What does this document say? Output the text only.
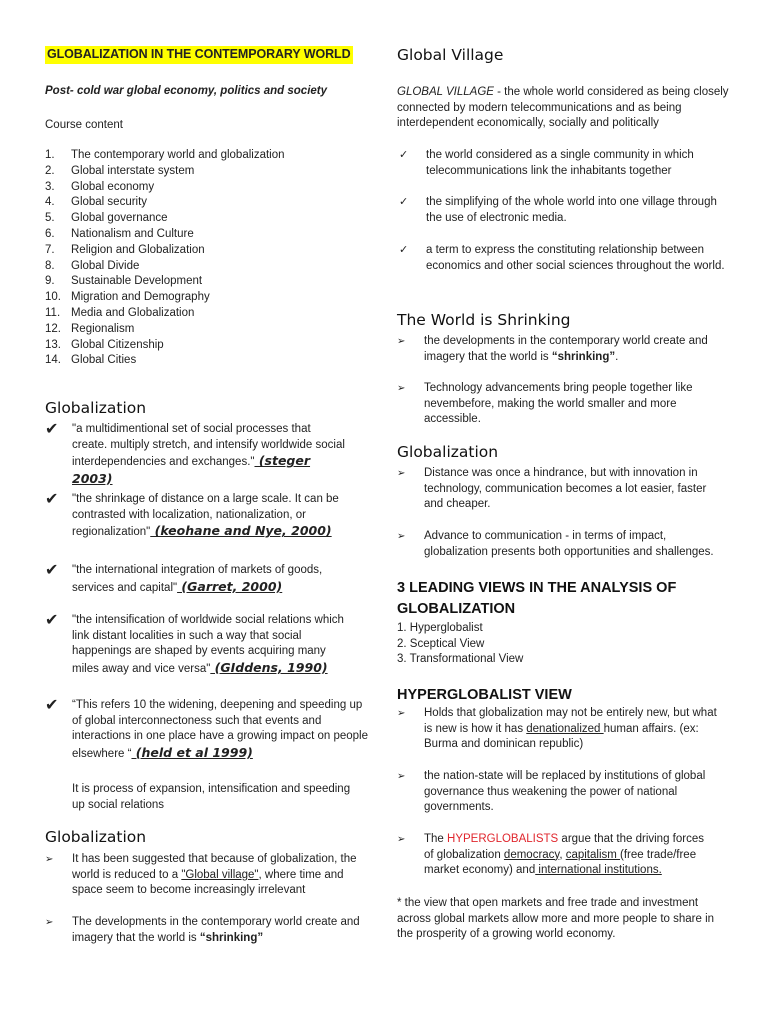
GLOBALIZATION IN THE CONTEMPORARY WORLD
Post- cold war global economy, politics and society
Course content
1.	The contemporary world and globalization
2.	Global interstate system
3.	Global economy
4.	Global security
5.	Global governance
6.	Nationalism and Culture
7.	Religion and Globalization
8.	Global Divide
9.	Sustainable Development
10. Migration and Demography
11. Media and Globalization
12. Regionalism
13. Global Citizenship
14. Global Cities
Globalization
✔	"a multidimentional set of social processes that create. multiply stretch, and intensify worldwide social interdependencies and exchanges." (steger 2003)
✔	"the shrinkage of distance on a large scale. It can be contrasted with localization, nationalization, or regionalization" (keohane and Nye, 2000)
✔	"the international integration of markets of goods, services and capital" (Garret, 2000)
✔	"the intensification of worldwide social relations which link distant localities in such a way that social happenings are shaped by events acquiring many miles away and vice versa" (GIddens, 1990)
✔	“This refers 10 the widening, deepening and speeding up of global interconnectoness such that events and interactions in one place have a growing impact on people elsewhere “ (held et al 1999)
It is process of expansion, intensification and speeding up social relations
Globalization
➢	It has been suggested that because of globalization, the world is reduced to a "Global village", where time and space seem to become increasingly irrelevant
➢	The developments in the contemporary world create and imagery that the world is “shrinking”
Global Village
GLOBAL VILLAGE - the whole world considered as being closely connected by modern telecommunications and as being interdependent economically, socially and politically
✓	the world considered as a single community in which telecommunications link the inhabitants together
✓	the simplifying of the whole world into one village through the use of electronic media.
✓	a term to express the constituting relationship between economics and other social sciences throughout the world.
The World is Shrinking
➢	the developments in the contemporary world create and imagery that the world is “shrinking”.
➢	Technology advancements bring people together like nevembefore, making the world smaller and more accessible.
Globalization
➢	Distance was once a hindrance, but with innovation in technology, communication becomes a lot easier, faster and cheaper.
➢	Advance to communication - in terms of impact, globalization presents both opportunities and shallenges.
3 LEADING VIEWS IN THE ANALYSIS OF GLOBALIZATION
1. Hyperglobalist
2. Sceptical View
3. Transformational View
HYPERGLOBALIST VIEW
➢	Holds that globalization may not be entirely new, but what is new is how it has denationalized human affairs. (ex: Burma and dominican republic)
➢	the nation-state will be replaced by institutions of global governance thus weakening the power of national governments.
➢	The HYPERGLOBALISTS argue that the driving forces of globalization democracy, capitalism (free trade/free market economy) and international institutions.
* the view that open markets and free trade and investment across global markets allow more and more people to share in the prosperity of a growing world economy.
